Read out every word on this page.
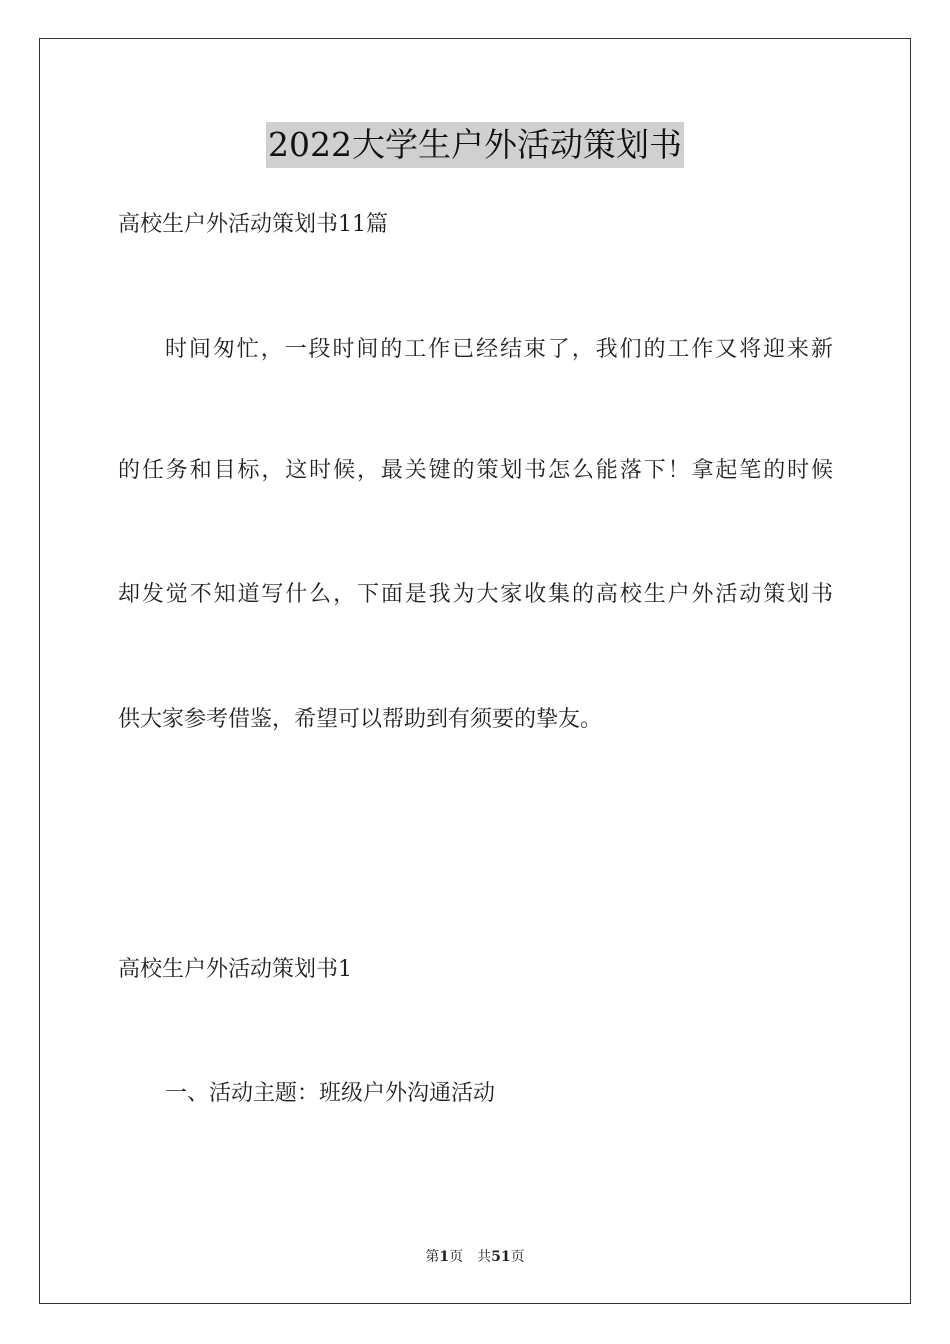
2022大学生户外活动策划书
高校生户外活动策划书11篇
时间匆忙，一段时间的工作已经结束了，我们的工作又将迎来新
的任务和目标，这时候，最关键的策划书怎么能落下！拿起笔的时候
却发觉不知道写什么，下面是我为大家收集的高校生户外活动策划书
供大家参考借鉴，希望可以帮助到有须要的挚友。
高校生户外活动策划书1
一、活动主题：班级户外沟通活动
第1页 共51页
